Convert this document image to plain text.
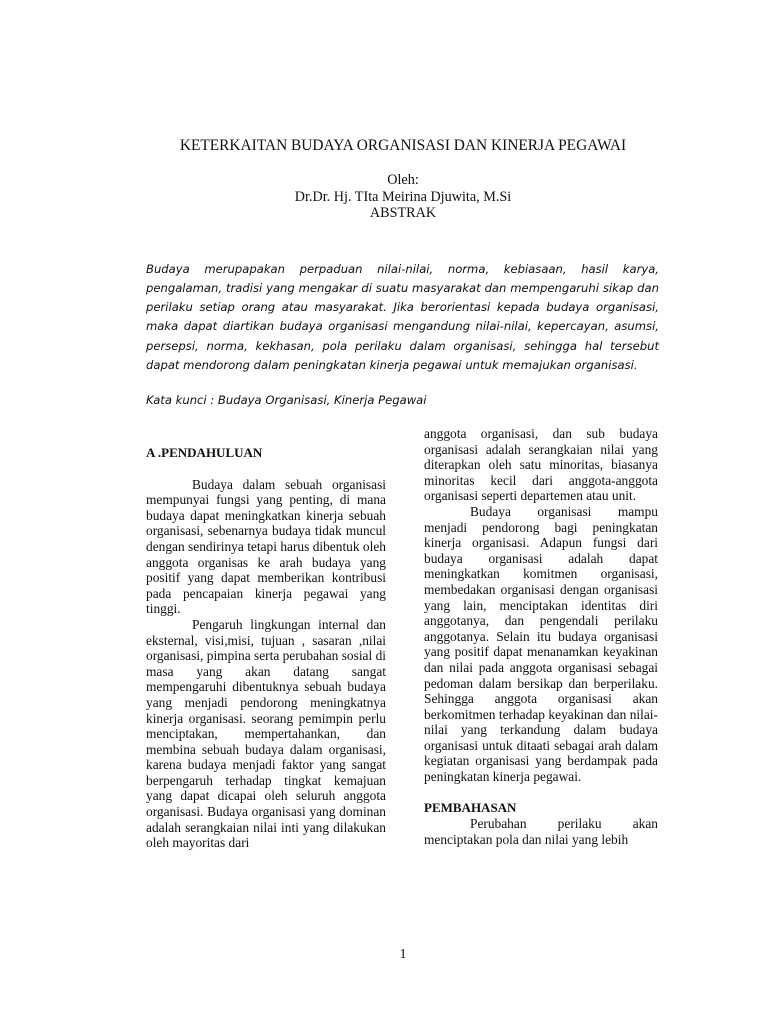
KETERKAITAN BUDAYA ORGANISASI DAN KINERJA PEGAWAI
Oleh:
Dr.Dr. Hj. TIta Meirina Djuwita, M.Si
ABSTRAK

Budaya merupapakan perpaduan nilai-nilai, norma, kebiasaan, hasil karya, pengalaman, tradisi yang mengakar di suatu masyarakat dan mempengaruhi sikap dan perilaku setiap orang atau masyarakat. Jika berorientasi kepada budaya organisasi, maka dapat diartikan budaya organisasi mengandung nilai-nilai, kepercayan, asumsi, persepsi, norma, kekhasan, pola perilaku dalam organisasi, sehingga hal tersebut dapat mendorong dalam peningkatan kinerja pegawai untuk memajukan organisasi.

Kata kunci : Budaya Organisasi, Kinerja Pegawai

A .PENDAHULUAN

Budaya dalam sebuah organisasi mempunyai fungsi yang penting, di mana budaya dapat meningkatkan kinerja sebuah organisasi, sebenarnya budaya tidak muncul dengan sendirinya tetapi harus dibentuk oleh anggota organisas ke arah budaya yang positif yang dapat memberikan kontribusi pada pencapaian kinerja pegawai yang tinggi.

Pengaruh lingkungan internal dan eksternal, visi,misi, tujuan , sasaran ,nilai organisasi, pimpina serta perubahan sosial di masa yang akan datang sangat mempengaruhi dibentuknya sebuah budaya yang menjadi pendorong meningkatnya kinerja organisasi. seorang pemimpin perlu menciptakan, mempertahankan, dan membina sebuah budaya dalam organisasi, karena budaya menjadi faktor yang sangat berpengaruh terhadap tingkat kemajuan yang dapat dicapai oleh seluruh anggota organisasi. Budaya organisasi yang dominan adalah serangkaian nilai inti yang dilakukan oleh mayoritas dari

anggota organisasi, dan sub budaya organisasi adalah serangkaian nilai yang diterapkan oleh satu minoritas, biasanya minoritas kecil dari anggota-anggota organisasi seperti departemen atau unit.

Budaya organisasi mampu menjadi pendorong bagi peningkatan kinerja organisasi. Adapun fungsi dari budaya organisasi adalah dapat meningkatkan komitmen organisasi, membedakan organisasi dengan organisasi yang lain, menciptakan identitas diri anggotanya, dan pengendali perilaku anggotanya. Selain itu budaya organisasi yang positif dapat menanamkan keyakinan dan nilai pada anggota organisasi sebagai pedoman dalam bersikap dan berperilaku. Sehingga anggota organisasi akan berkomitmen terhadap keyakinan dan nilai-nilai yang terkandung dalam budaya organisasi untuk ditaati sebagai arah dalam kegiatan organisasi yang berdampak pada peningkatan kinerja pegawai.

PEMBAHASAN

Perubahan perilaku akan menciptakan pola dan nilai yang lebih

1
